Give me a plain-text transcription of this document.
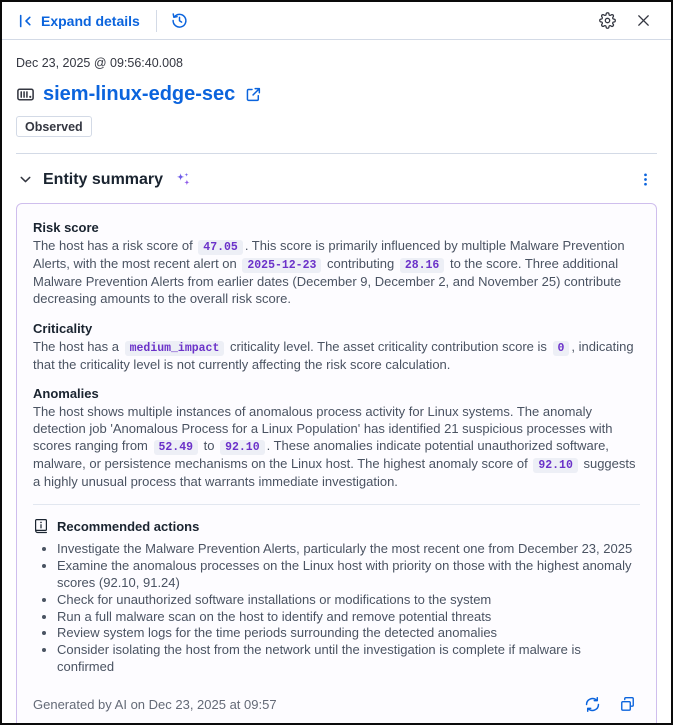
Expand details
Dec 23, 2025 @ 09:56:40.008
siem-linux-edge-sec
Observed
Entity summary
Risk score
The host has a risk score of 47.05 . This score is primarily influenced by multiple Malware Prevention Alerts, with the most recent alert on 2025-12-23 contributing 28.16 to the score. Three additional Malware Prevention Alerts from earlier dates (December 9, December 2, and November 25) contribute decreasing amounts to the overall risk score.
Criticality
The host has a medium_impact criticality level. The asset criticality contribution score is 0 , indicating that the criticality level is not currently affecting the risk score calculation.
Anomalies
The host shows multiple instances of anomalous process activity for Linux systems. The anomaly detection job 'Anomalous Process for a Linux Population' has identified 21 suspicious processes with scores ranging from 52.49 to 92.10 . These anomalies indicate potential unauthorized software, malware, or persistence mechanisms on the Linux host. The highest anomaly score of 92.10 suggests a highly unusual process that warrants immediate investigation.
Recommended actions
• Investigate the Malware Prevention Alerts, particularly the most recent one from December 23, 2025
• Examine the anomalous processes on the Linux host with priority on those with the highest anomaly scores (92.10, 91.24)
• Check for unauthorized software installations or modifications to the system
• Run a full malware scan on the host to identify and remove potential threats
• Review system logs for the time periods surrounding the detected anomalies
• Consider isolating the host from the network until the investigation is complete if malware is confirmed
Generated by AI on Dec 23, 2025 at 09:57
